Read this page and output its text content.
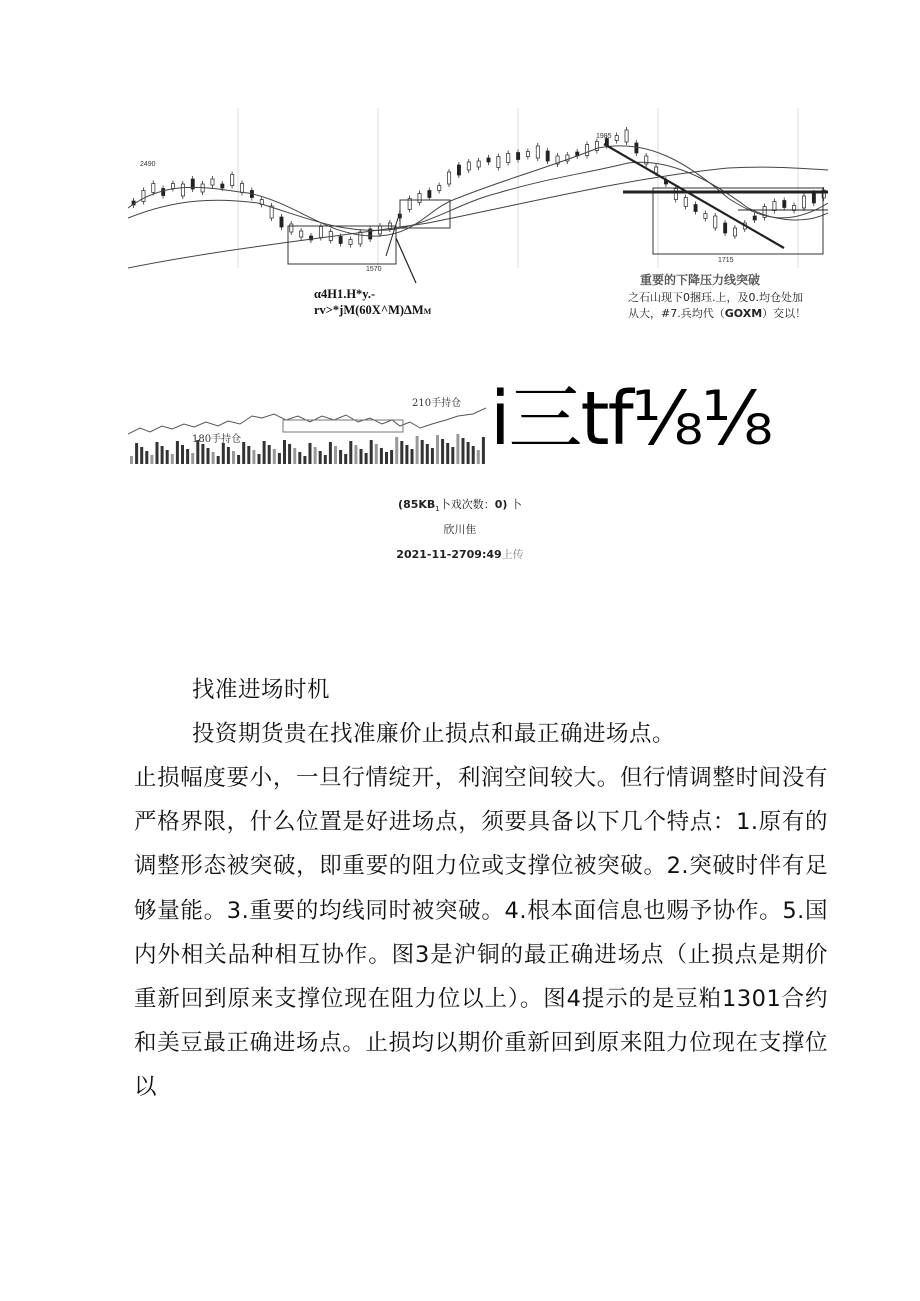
2490
1985
1570
1715
重要的下降压力线突破
α4H1.H*y.-
rv>*jM(60X^M)ΔMM
之石山现下0捆珏.上，及0.均仓处加
从大，#7.兵均代（GOXM）交以！
210手持仓
180手持仓	i三tf⅛⅛
($85KB_1$卜戏次数：0) 卜
欣川隹
2021-11-2709:49上传
找准进场时机
投资期货贵在找准廉价止损点和最正确进场点。
止损幅度要小，一旦行情绽开，利润空间较大。但行情调整时间没有严格界限，什么位置是好进场点，须要具备以下几个特点：1.原有的调整形态被突破，即重要的阻力位或支撑位被突破。2.突破时伴有足够量能。3.重要的均线同时被突破。4.根本面信息也赐予协作。5.国内外相关品种相互协作。图3是沪铜的最正确进场点（止损点是期价重新回到原来支撑位现在阻力位以上）。图4提示的是豆粕1301合约和美豆最正确进场点。止损均以期价重新回到原来阻力位现在支撑位以
